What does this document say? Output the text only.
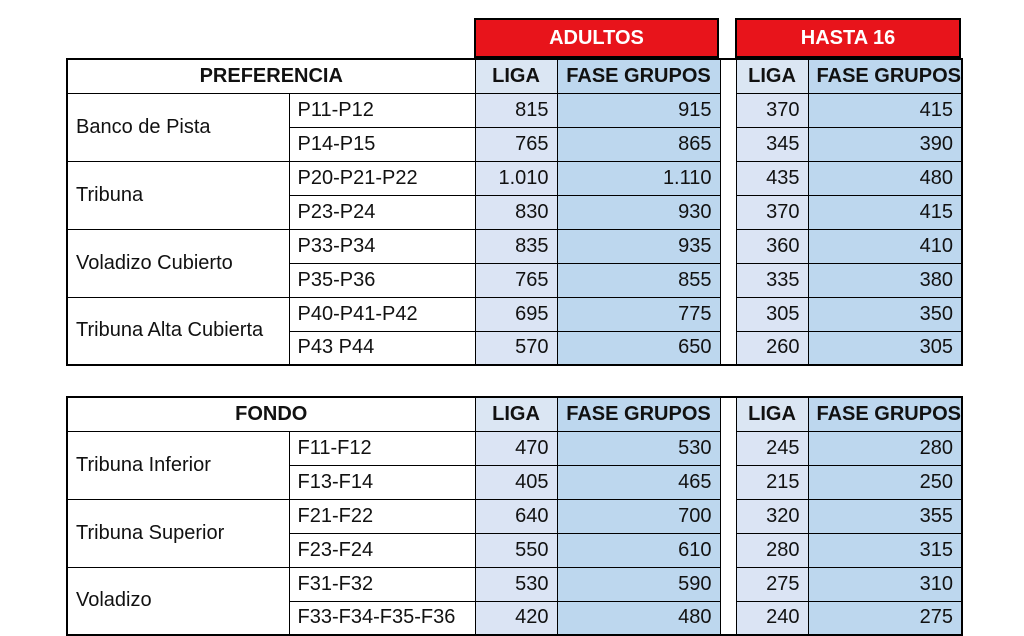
ADULTOS	HASTA 16
PREFERENCIA		LIGA	FASE GRUPOS		LIGA	FASE GRUPOS
Banco de Pista	P11-P12	815	915		370	415
	P14-P15	765	865		345	390
Tribuna	P20-P21-P22	1.010	1.110		435	480
	P23-P24	830	930		370	415
Voladizo Cubierto	P33-P34	835	935		360	410
	P35-P36	765	855		335	380
Tribuna Alta Cubierta	P40-P41-P42	695	775		305	350
	P43 P44	570	650		260	305
FONDO		LIGA	FASE GRUPOS		LIGA	FASE GRUPOS
Tribuna Inferior	F11-F12	470	530		245	280
	F13-F14	405	465		215	250
Tribuna Superior	F21-F22	640	700		320	355
	F23-F24	550	610		280	315
Voladizo	F31-F32	530	590		275	310
	F33-F34-F35-F36	420	480		240	275
